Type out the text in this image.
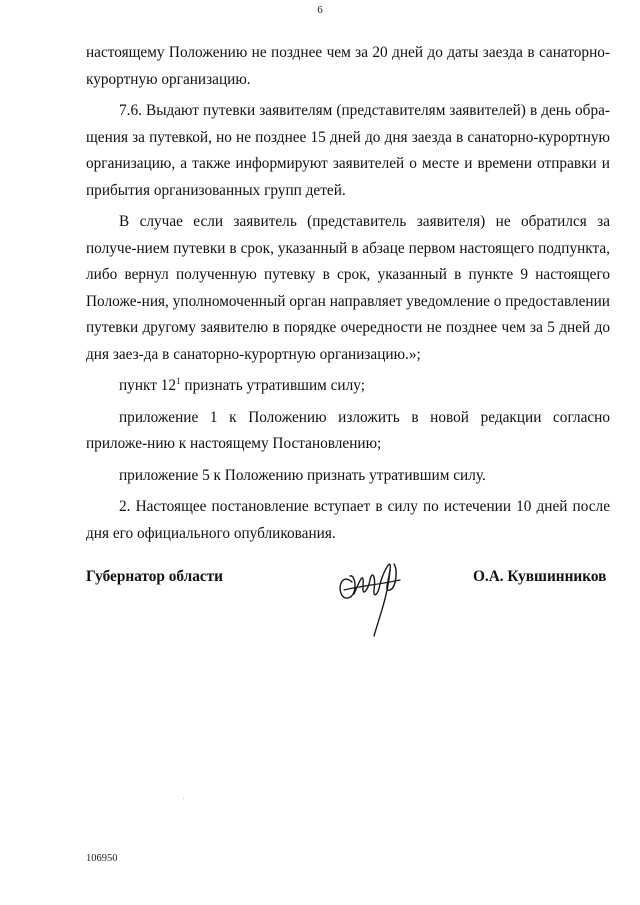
6

настоящему Положению не позднее чем за 20 дней до даты заезда в санаторно-курортную организацию.

7.6. Выдают путевки заявителям (представителям заявителей) в день обра-щения за путевкой, но не позднее 15 дней до дня заезда в санаторно-курортную организацию, а также информируют заявителей о месте и времени отправки и прибытия организованных групп детей.

В случае если заявитель (представитель заявителя) не обратился за получе-нием путевки в срок, указанный в абзаце первом настоящего подпункта, либо вернул полученную путевку в срок, указанный в пункте 9 настоящего Положе-ния, уполномоченный орган направляет уведомление о предоставлении путевки другому заявителю в порядке очередности не позднее чем за 5 дней до дня заез-да в санаторно-курортную организацию.»;

пункт $12^1$ признать утратившим силу;

приложение 1 к Положению изложить в новой редакции согласно приложе-нию к настоящему Постановлению;

приложение 5 к Положению признать утратившим силу.

2. Настоящее постановление вступает в силу по истечении 10 дней после дня его официального опубликования.

Губернатор области	О.А. Кувшинников
106950
